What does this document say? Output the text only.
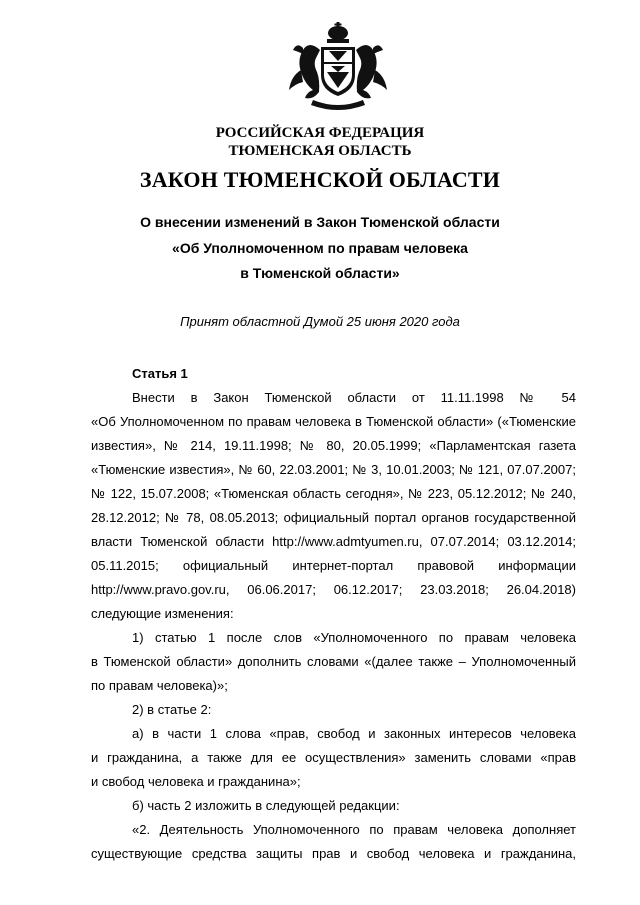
РОССИЙСКАЯ ФЕДЕРАЦИЯ
ТЮМЕНСКАЯ ОБЛАСТЬ
ЗАКОН ТЮМЕНСКОЙ ОБЛАСТИ
О внесении изменений в Закон Тюменской области
«Об Уполномоченном по правам человека
в Тюменской области»
Принят областной Думой 25 июня 2020 года
Статья 1
Внести в Закон Тюменской области от 11.11.1998 № 54
«Об Уполномоченном по правам человека в Тюменской области» («Тюменские
известия», № 214, 19.11.1998; № 80, 20.05.1999; «Парламентская газета
«Тюменские известия», № 60, 22.03.2001; № 3, 10.01.2003; № 121, 07.07.2007;
№ 122, 15.07.2008; «Тюменская область сегодня», № 223, 05.12.2012; № 240,
28.12.2012; № 78, 08.05.2013; официальный портал органов государственной
власти Тюменской области http://www.admtyumen.ru, 07.07.2014; 03.12.2014;
05.11.2015; официальный интернет-портал правовой информации
http://www.pravo.gov.ru, 06.06.2017; 06.12.2017; 23.03.2018; 26.04.2018)
следующие изменения:
1) статью 1 после слов «Уполномоченного по правам человека
в Тюменской области» дополнить словами «(далее также – Уполномоченный
по правам человека)»;
2) в статье 2:
а) в части 1 слова «прав, свобод и законных интересов человека
и гражданина, а также для ее осуществления» заменить словами «прав
и свобод человека и гражданина»;
б) часть 2 изложить в следующей редакции:
«2. Деятельность Уполномоченного по правам человека дополняет
существующие средства защиты прав и свобод человека и гражданина,
